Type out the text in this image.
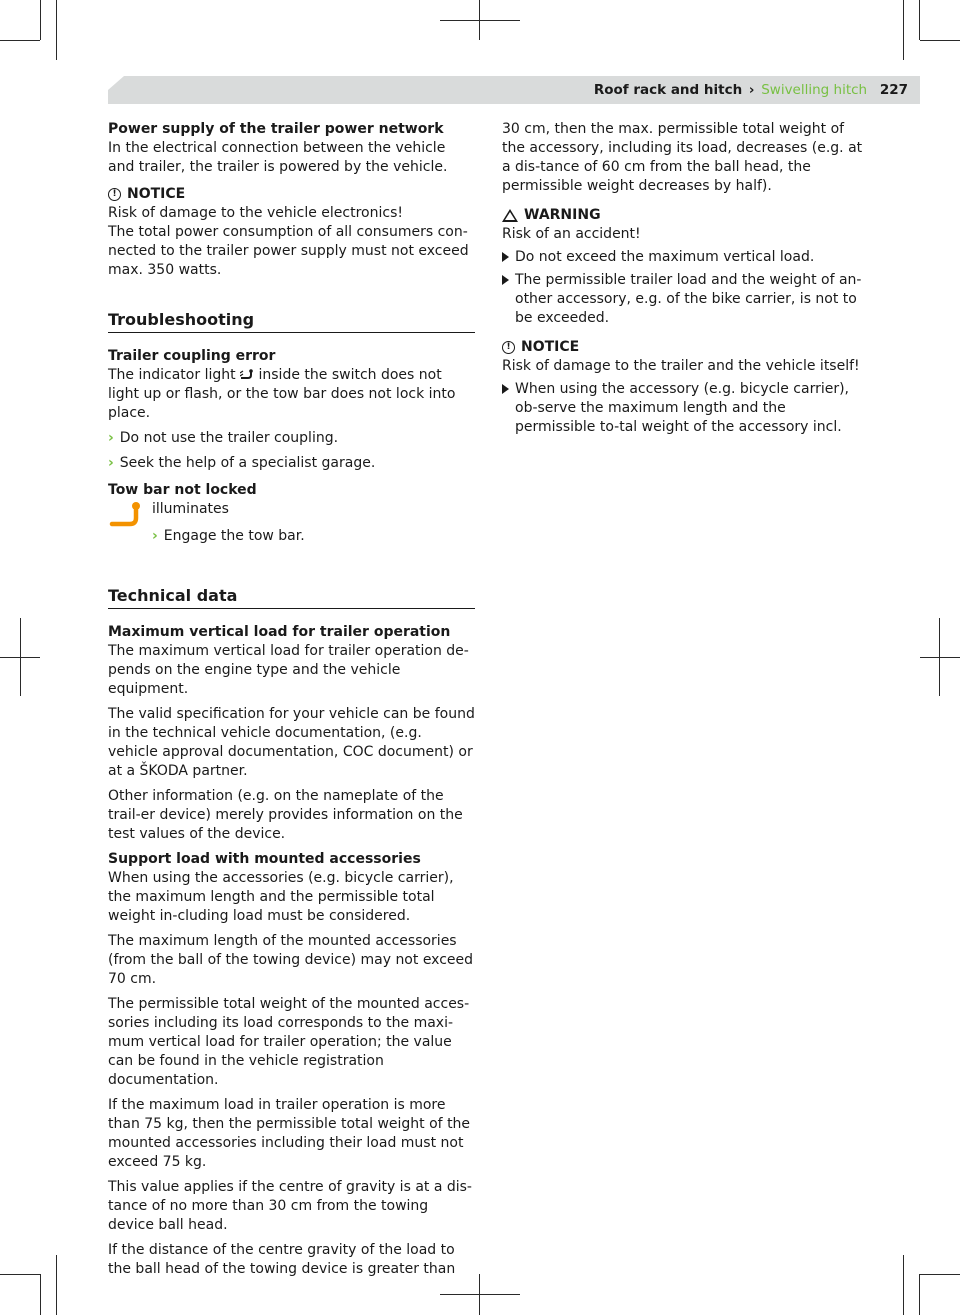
Roof rack and hitch › Swivelling hitch 227
Power supply of the trailer power network

In the electrical connection between the vehicle and trailer, the trailer is powered by the vehicle.

! NOTICE
Risk of damage to the vehicle electronics!
The total power consumption of all consumers con-nected to the trailer power supply must not exceed max. 350 watts.
Troubleshooting
Trailer coupling error

The indicator light inside the switch does not light up or flash, or the tow bar does not lock into place.

› Do not use the trailer coupling.
› Seek the help of a specialist garage.
Tow bar not locked
illuminates
› Engage the tow bar.
Technical data
Maximum vertical load for trailer operation

The maximum vertical load for trailer operation de-pends on the engine type and the vehicle equipment.

The valid specification for your vehicle can be found in the technical vehicle documentation, (e.g. vehicle approval documentation, COC document) or at a ŠKODA partner.

Other information (e.g. on the nameplate of the trail-er device) merely provides information on the test values of the device.

Support load with mounted accessories

When using the accessories (e.g. bicycle carrier), the maximum length and the permissible total weight in-cluding load must be considered.

The maximum length of the mounted accessories (from the ball of the towing device) may not exceed 70 cm.

The permissible total weight of the mounted acces-sories including its load corresponds to the maxi-mum vertical load for trailer operation; the value can be found in the vehicle registration documentation.

If the maximum load in trailer operation is more than 75 kg, then the permissible total weight of the mounted accessories including their load must not exceed 75 kg.

This value applies if the centre of gravity is at a dis-tance of no more than 30 cm from the towing device ball head.

If the distance of the centre gravity of the load to the ball head of the towing device is greater than

30 cm, then the max. permissible total weight of the accessory, including its load, decreases (e.g. at a dis-tance of 60 cm from the ball head, the permissible weight decreases by half).

WARNING
Risk of an accident!
Do not exceed the maximum vertical load.
The permissible trailer load and the weight of an-other accessory, e.g. of the bike carrier, is not to be exceeded.
! NOTICE
Risk of damage to the trailer and the vehicle itself!
When using the accessory (e.g. bicycle carrier), ob-serve the maximum length and the permissible to-tal weight of the accessory incl.
